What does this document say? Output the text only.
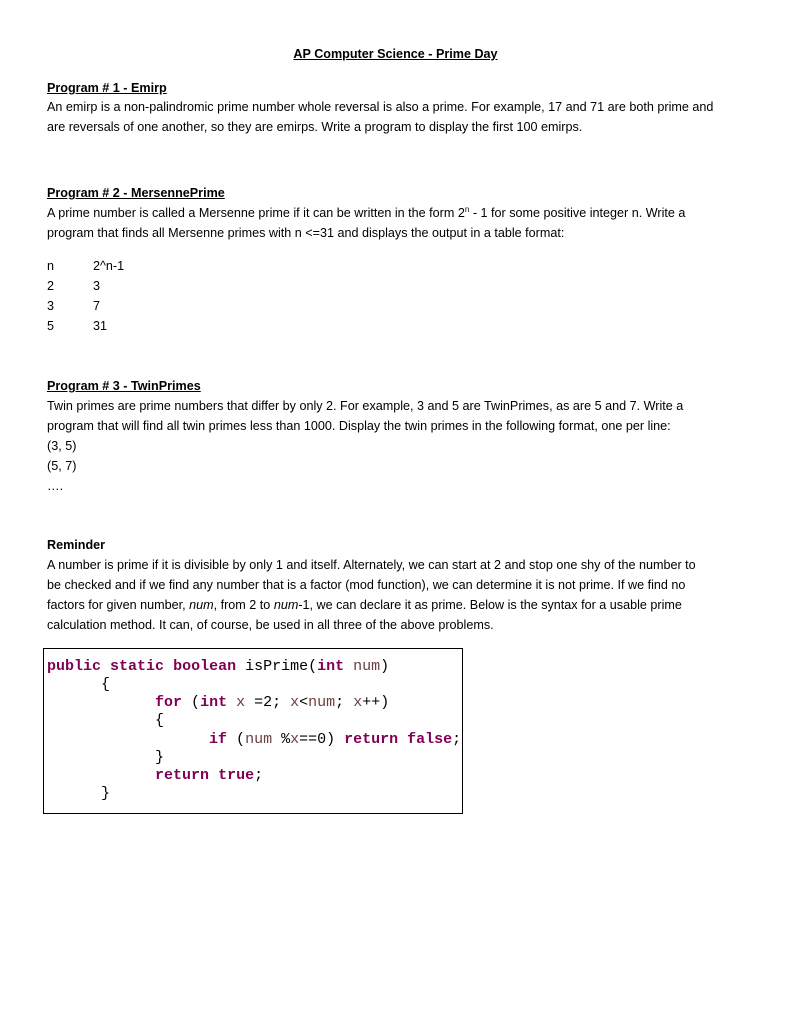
AP Computer Science - Prime Day
Program # 1 - Emirp
An emirp is a non-palindromic prime number whole reversal is also a prime. For example, 17 and 71 are both prime and
are reversals of one another, so they are emirps. Write a program to display the first 100 emirps.
Program # 2 - MersennePrime
A prime number is called a Mersenne prime if it can be written in the form 2$^n$ - 1 for some positive integer n. Write a
program that finds all Mersenne primes with n <=31 and displays the output in a table format:
n	2^n-1
2	3
3	7
5	31
Program # 3 - TwinPrimes
Twin primes are prime numbers that differ by only 2. For example, 3 and 5 are TwinPrimes, as are 5 and 7. Write a
program that will find all twin primes less than 1000. Display the twin primes in the following format, one per line:
(3, 5)
(5, 7)
….
Reminder
A number is prime if it is divisible by only 1 and itself. Alternately, we can start at 2 and stop one shy of the number to
be checked and if we find any number that is a factor (mod function), we can determine it is not prime. If we find no
factors for given number, num, from 2 to num-1, we can declare it as prime. Below is the syntax for a usable prime
calculation method. It can, of course, be used in all three of the above problems.
public static boolean isPrime(int num)
{
for (int x =2; x<num; x++)
{
if (num %x==0) return false;
}
return true;
}
